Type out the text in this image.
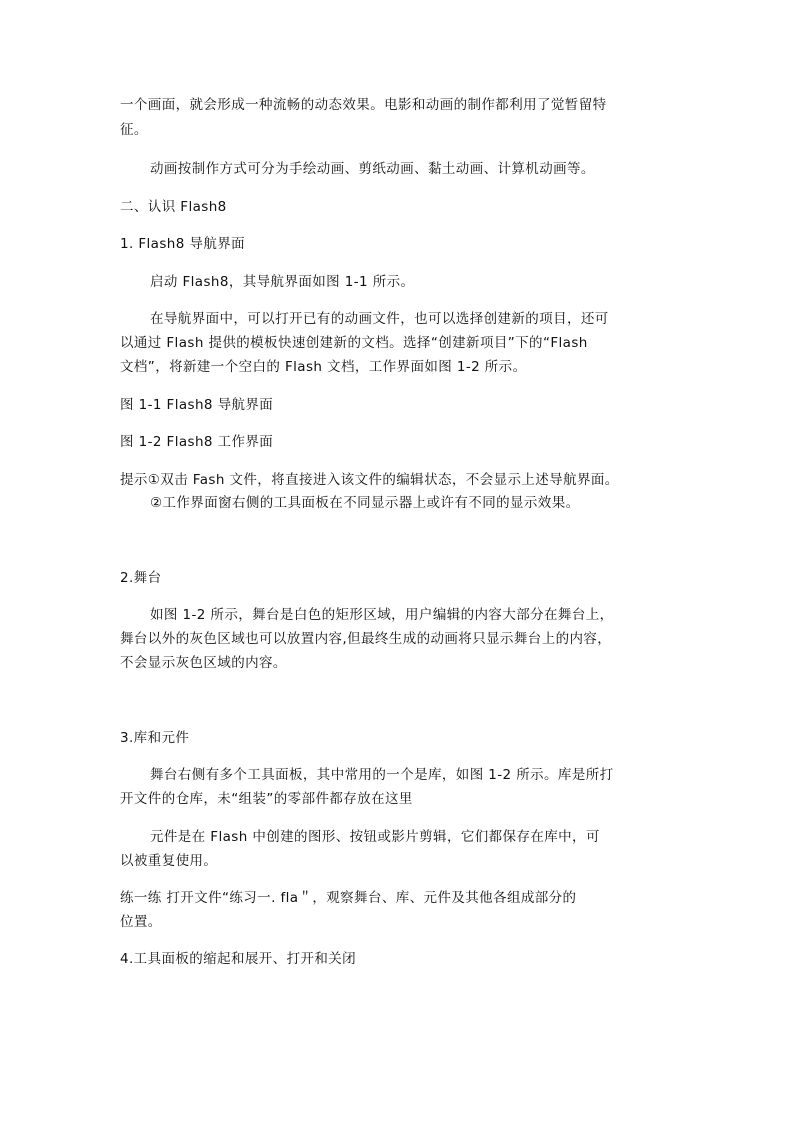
一个画面，就会形成一种流畅的动态效果。电影和动画的制作都利用了觉暂留特
征。
动画按制作方式可分为手绘动画、剪纸动画、黏土动画、计算机动画等。
二、认识 Flash8
1. Flash8 导航界面
启动 Flash8，其导航界面如图 1-1 所示。
在导航界面中，可以打开已有的动画文件，也可以选择创建新的项目，还可
以通过 Flash 提供的模板快速创建新的文档。选择“创建新项目”下的“Flash
文档”，将新建一个空白的 Flash 文档，工作界面如图 1-2 所示。
图 1-1 Flash8 导航界面
图 1-2 Flash8 工作界面
提示①双击 Fash 文件，将直接进入该文件的编辑状态，不会显示上述导航界面。
②工作界面窗右侧的工具面板在不同显示器上或许有不同的显示效果。
2.舞台
如图 1-2 所示，舞台是白色的矩形区域，用户编辑的内容大部分在舞台上，
舞台以外的灰色区域也可以放置内容,但最终生成的动画将只显示舞台上的内容，
不会显示灰色区域的内容。
3.库和元件
舞台右侧有多个工具面板，其中常用的一个是库，如图 1-2 所示。库是所打
开文件的仓库，未“组装”的零部件都存放在这里
元件是在 Flash 中创建的图形、按钮或影片剪辑，它们都保存在库中，可
以被重复使用。
练一练 打开文件“练习一. fla＂，观察舞台、库、元件及其他各组成部分的
位置。
4.工具面板的缩起和展开、打开和关闭
